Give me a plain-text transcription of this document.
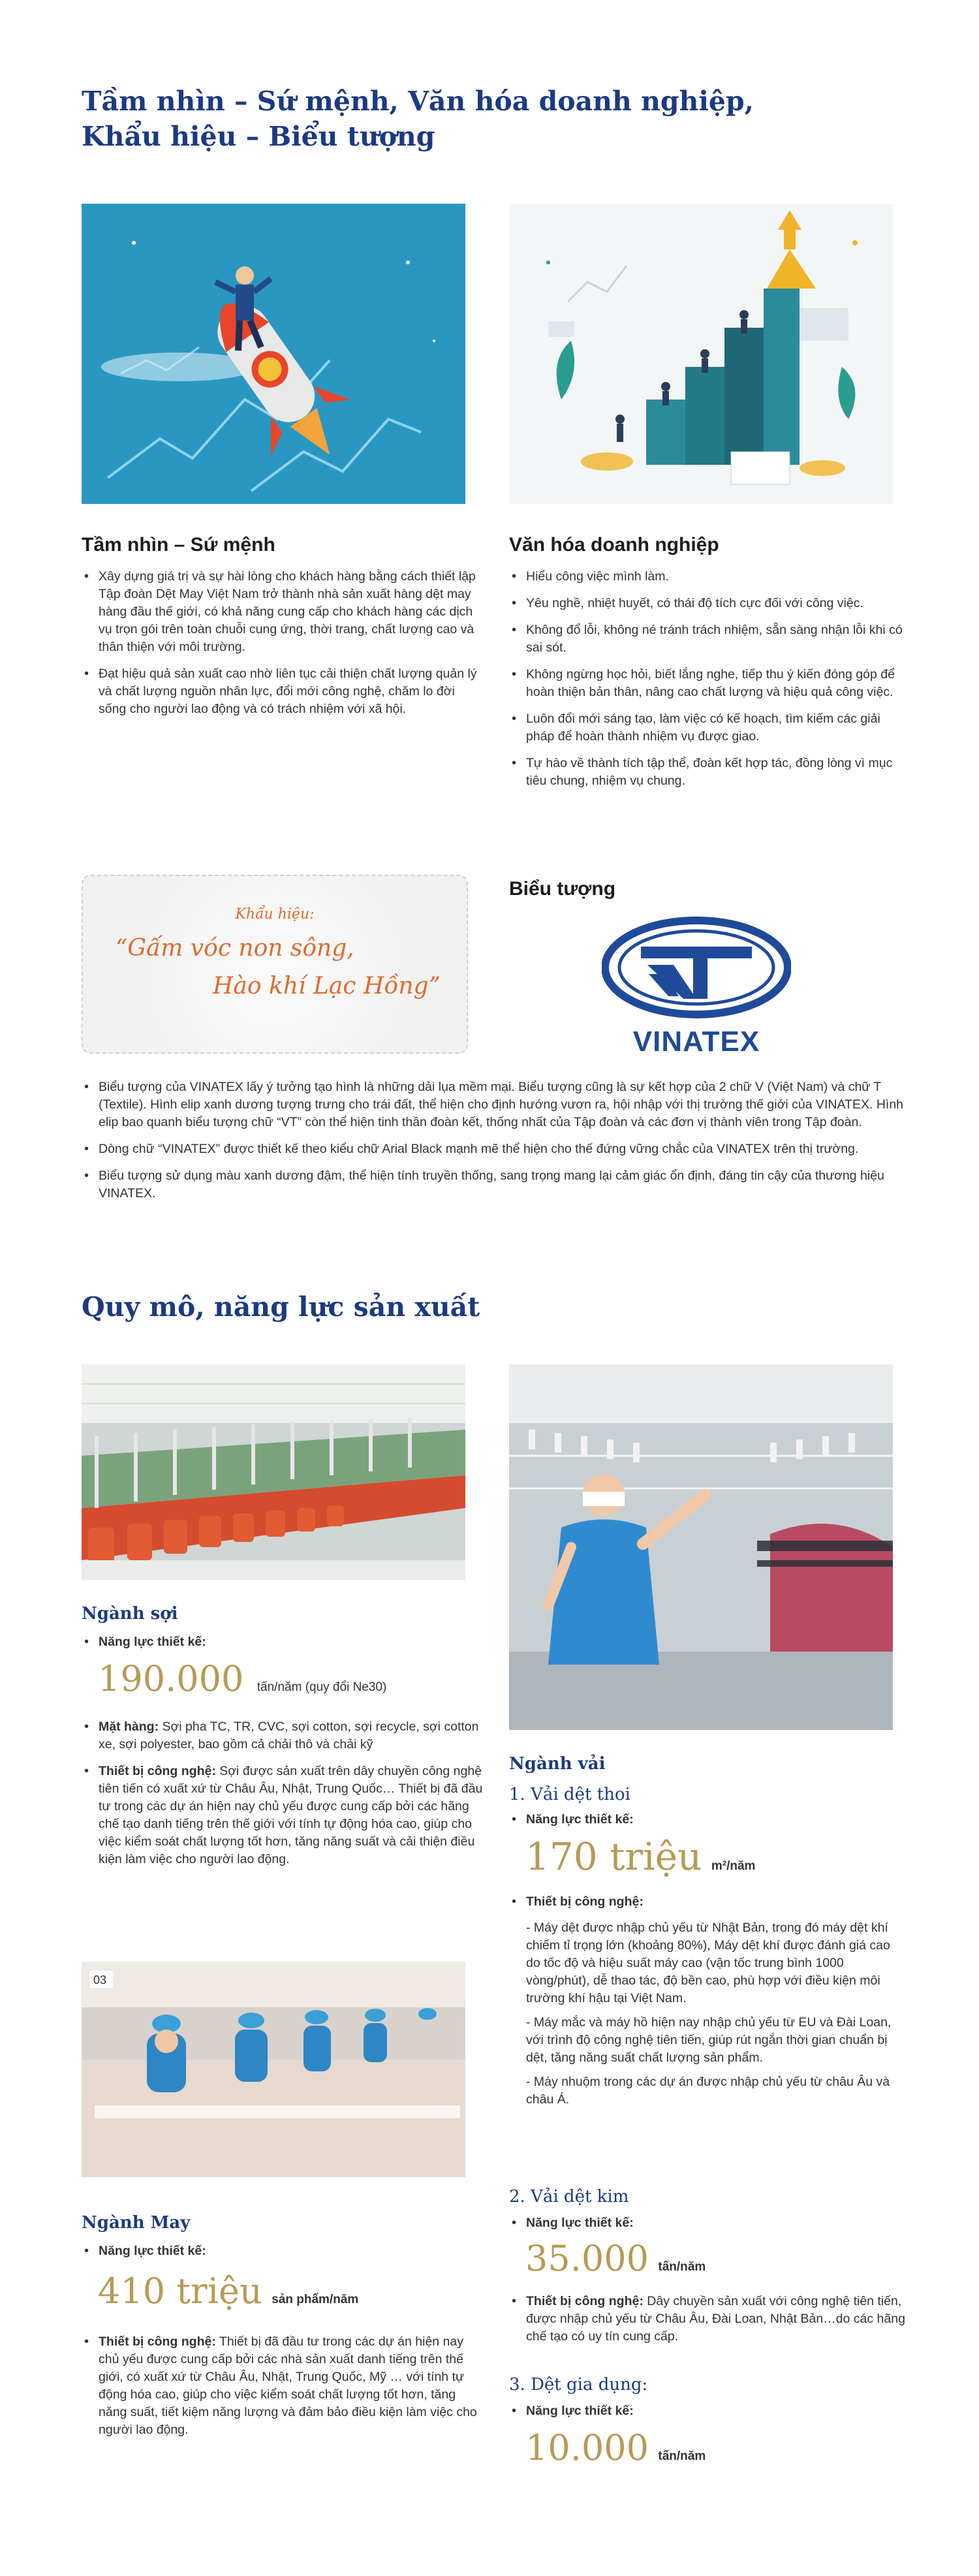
Tầm nhìn – Sứ mệnh, Văn hóa doanh nghiệp,
Khẩu hiệu – Biểu tượng
Tầm nhìn – Sứ mệnh
• Xây dựng giá trị và sự hài lòng cho khách hàng bằng cách thiết lập Tập đoàn Dệt May Việt Nam trở thành nhà sản xuất hàng dệt may hàng đầu thế giới, có khả năng cung cấp cho khách hàng các dịch vụ trọn gói trên toàn chuỗi cung ứng, thời trang, chất lượng cao và thân thiện với môi trường.
• Đạt hiệu quả sản xuất cao nhờ liên tục cải thiện chất lượng quản lý và chất lượng nguồn nhân lực, đổi mới công nghệ, chăm lo đời sống cho người lao động và có trách nhiệm với xã hội.
Văn hóa doanh nghiệp
• Hiểu công việc mình làm.
• Yêu nghề, nhiệt huyết, có thái độ tích cực đối với công việc.
• Không đổ lỗi, không né tránh trách nhiệm, sẵn sàng nhận lỗi khi có sai sót.
• Không ngừng học hỏi, biết lắng nghe, tiếp thu ý kiến đóng góp để hoàn thiện bản thân, nâng cao chất lượng và hiệu quả công việc.
• Luôn đổi mới sáng tạo, làm việc có kế hoạch, tìm kiếm các giải pháp để hoàn thành nhiệm vụ được giao.
• Tự hào về thành tích tập thể, đoàn kết hợp tác, đồng lòng vì mục tiêu chung, nhiệm vụ chung.
Khẩu hiệu:
“Gấm vóc non sông,
Hào khí Lạc Hồng”
Biểu tượng
VINATEX
• Biểu tượng của VINATEX lấy ý tưởng tạo hình là những dải lụa mềm mại. Biểu tượng cũng là sự kết hợp của 2 chữ V (Việt Nam) và chữ T (Textile). Hình elip xanh dương tượng trưng cho trái đất, thể hiện cho định hướng vươn ra, hội nhập với thị trường thế giới của VINATEX. Hình elip bao quanh biểu tượng chữ “VT” còn thể hiện tinh thần đoàn kết, thống nhất của Tập đoàn và các đơn vị thành viên trong Tập đoàn.
• Dòng chữ “VINATEX” được thiết kế theo kiểu chữ Arial Black mạnh mẽ thể hiện cho thế đứng vững chắc của VINATEX trên thị trường.
• Biểu tượng sử dụng màu xanh dương đậm, thể hiện tính truyền thống, sang trọng mang lại cảm giác ổn định, đáng tin cậy của thương hiệu VINATEX.
Quy mô, năng lực sản xuất
Ngành sợi
• Năng lực thiết kế:
190.000 tấn/năm (quy đổi Ne30)
• Mặt hàng: Sợi pha TC, TR, CVC, sợi cotton, sợi recycle, sợi cotton xe, sợi polyester, bao gồm cả chải thô và chải kỹ
• Thiết bị công nghệ: Sợi được sản xuất trên dây chuyền công nghệ tiên tiến có xuất xứ từ Châu Âu, Nhật, Trung Quốc… Thiết bị đã đầu tư trong các dự án hiện nay chủ yếu được cung cấp bởi các hãng chế tạo danh tiếng trên thế giới với tính tự động hóa cao, giúp cho việc kiểm soát chất lượng tốt hơn, tăng năng suất và cải thiện điều kiện làm việc cho người lao động.
03
Ngành May
• Năng lực thiết kế:
410 triệu sản phẩm/năm
• Thiết bị công nghệ: Thiết bị đã đầu tư trong các dự án hiện nay chủ yếu được cung cấp bởi các nhà sản xuất danh tiếng trên thế giới, có xuất xứ từ Châu Âu, Nhật, Trung Quốc, Mỹ … với tính tự động hóa cao, giúp cho việc kiểm soát chất lượng tốt hơn, tăng năng suất, tiết kiệm năng lượng và đảm bảo điều kiện làm việc cho người lao động.
Ngành vải
1. Vải dệt thoi
• Năng lực thiết kế:
170 triệu m²/năm
• Thiết bị công nghệ:
- Máy dệt được nhập chủ yếu từ Nhật Bản, trong đó máy dệt khí chiếm tỉ trọng lớn (khoảng 80%), Máy dệt khí được đánh giá cao do tốc độ và hiệu suất máy cao (vận tốc trung bình 1000 vòng/phút), dễ thao tác, độ bền cao, phù hợp với điều kiện môi trường khí hậu tại Việt Nam.
- Máy mắc và máy hồ hiện nay nhập chủ yếu từ EU và Đài Loan, với trình độ công nghệ tiên tiến, giúp rút ngắn thời gian chuẩn bị dệt, tăng năng suất chất lượng sản phẩm.
- Máy nhuộm trong các dự án được nhập chủ yếu từ châu Âu và châu Á.
2. Vải dệt kim
• Năng lực thiết kế:
35.000 tấn/năm
• Thiết bị công nghệ: Dây chuyền sản xuất với công nghệ tiên tiến, được nhập chủ yếu từ Châu Âu, Đài Loan, Nhật Bản…do các hãng chế tạo có uy tín cung cấp.
3. Dệt gia dụng:
• Năng lực thiết kế:
10.000 tấn/năm
